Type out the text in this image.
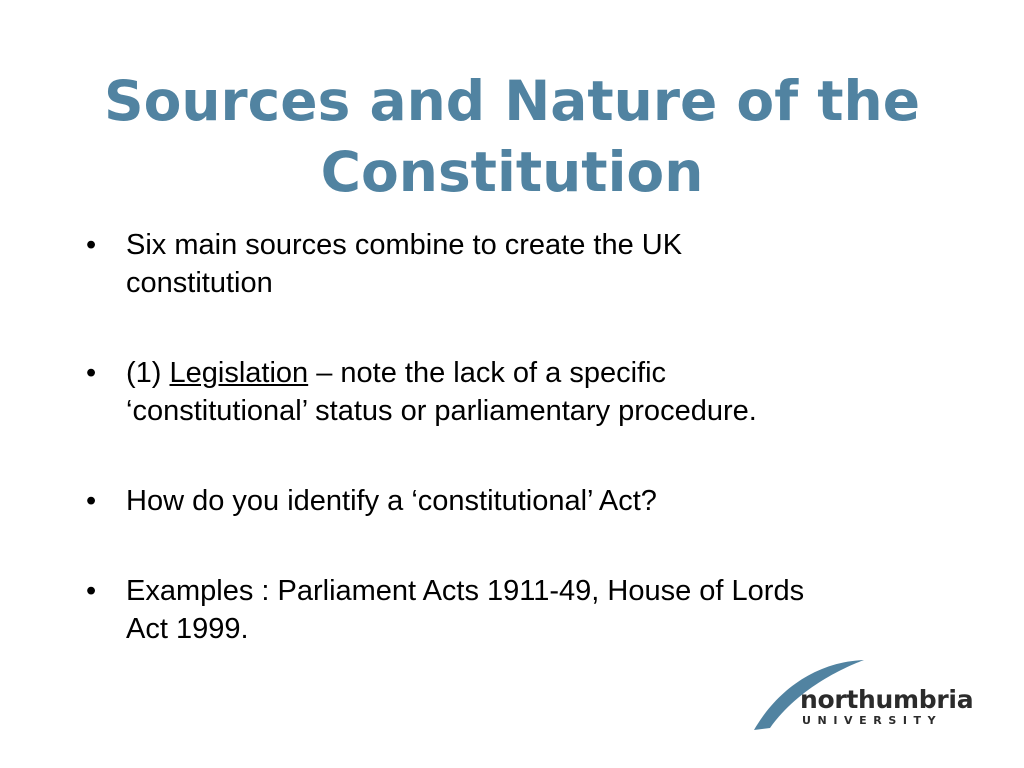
Sources and Nature of the
Constitution
• Six main sources combine to create the UK
constitution
• (1) Legislation – note the lack of a specific
‘constitutional’ status or parliamentary procedure.
• How do you identify a ‘constitutional’ Act?
• Examples : Parliament Acts 1911-49, House of Lords
Act 1999.
northumbria
UNIVERSITY
